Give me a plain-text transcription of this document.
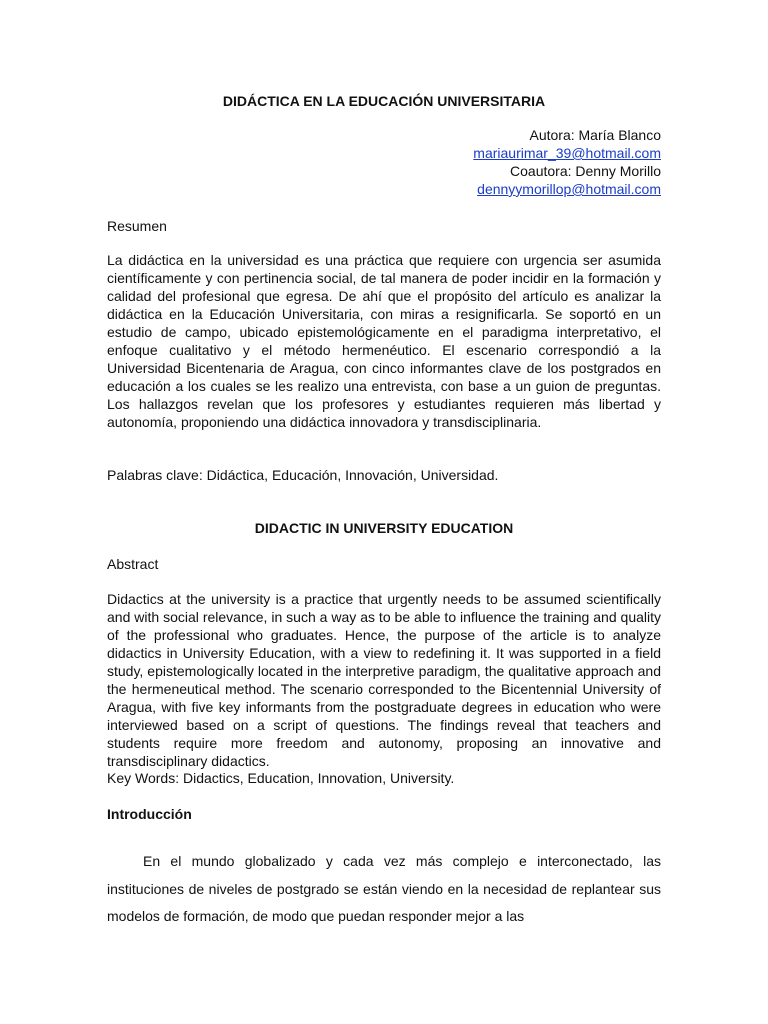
DIDÁCTICA EN LA EDUCACIÓN UNIVERSITARIA
Autora: María Blanco
mariaurimar_39@hotmail.com
Coautora: Denny Morillo
dennyymorillop@hotmail.com

Resumen

La didáctica en la universidad es una práctica que requiere con urgencia ser asumida científicamente y con pertinencia social, de tal manera de poder incidir en la formación y calidad del profesional que egresa. De ahí que el propósito del artículo es analizar la didáctica en la Educación Universitaria, con miras a resignificarla. Se soportó en un estudio de campo, ubicado epistemológicamente en el paradigma interpretativo, el enfoque cualitativo y el método hermenéutico. El escenario correspondió a la Universidad Bicentenaria de Aragua, con cinco informantes clave de los postgrados en educación a los cuales se les realizo una entrevista, con base a un guion de preguntas. Los hallazgos revelan que los profesores y estudiantes requieren más libertad y autonomía, proponiendo una didáctica innovadora y transdisciplinaria.

Palabras clave: Didáctica, Educación, Innovación, Universidad.

DIDACTIC IN UNIVERSITY EDUCATION

Abstract

Didactics at the university is a practice that urgently needs to be assumed scientifically and with social relevance, in such a way as to be able to influence the training and quality of the professional who graduates. Hence, the purpose of the article is to analyze didactics in University Education, with a view to redefining it. It was supported in a field study, epistemologically located in the interpretive paradigm, the qualitative approach and the hermeneutical method. The scenario corresponded to the Bicentennial University of Aragua, with five key informants from the postgraduate degrees in education who were interviewed based on a script of questions. The findings reveal that teachers and students require more freedom and autonomy, proposing an innovative and transdisciplinary didactics.

Key Words: Didactics, Education, Innovation, University.

Introducción

En el mundo globalizado y cada vez más complejo e interconectado, las instituciones de niveles de postgrado se están viendo en la necesidad de replantear sus modelos de formación, de modo que puedan responder mejor a las
